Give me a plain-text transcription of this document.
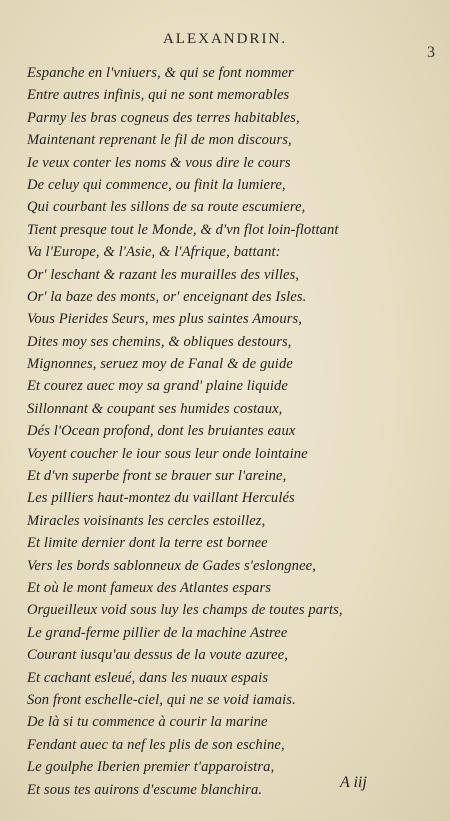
ALEXANDRIN.
3
Espanche en l'vniuers, & qui se font nommer
Entre autres infinis, qui ne sont memorables
Parmy les bras cogneus des terres habitables,
Maintenant reprenant le fil de mon discours,
Ie veux conter les noms & vous dire le cours
De celuy qui commence, ou finit la lumiere,
Qui courbant les sillons de sa route escumiere,
Tient presque tout le Monde, & d'vn flot loin-flottant
Va l'Europe, & l'Asie, & l'Afrique, battant:
Or' leschant & razant les murailles des villes,
Or' la baze des monts, or' enceignant des Isles.
Vous Pierides Seurs, mes plus saintes Amours,
Dites moy ses chemins, & obliques destours,
Mignonnes, seruez moy de Fanal & de guide
Et courez auec moy sa grand' plaine liquide
Sillonnant & coupant ses humides costaux,
Dés l'Ocean profond, dont les bruiantes eaux
Voyent coucher le iour sous leur onde lointaine
Et d'vn superbe front se brauer sur l'areine,
Les pilliers haut-montez du vaillant Herculés
Miracles voisinants les cercles estoillez,
Et limite dernier dont la terre est bornee
Vers les bords sablonneux de Gades s'eslongnee,
Et où le mont fameux des Atlantes espars
Orgueilleux void sous luy les champs de toutes parts,
Le grand-ferme pillier de la machine Astree
Courant iusqu'au dessus de la voute azuree,
Et cachant esleué, dans les nuaux espais
Son front eschelle-ciel, qui ne se void iamais.
De là si tu commence à courir la marine
Fendant auec ta nef les plis de son eschine,
Le goulphe Iberien premier t'apparoistra,
Et sous tes auirons d'escume blanchira.	A iij
